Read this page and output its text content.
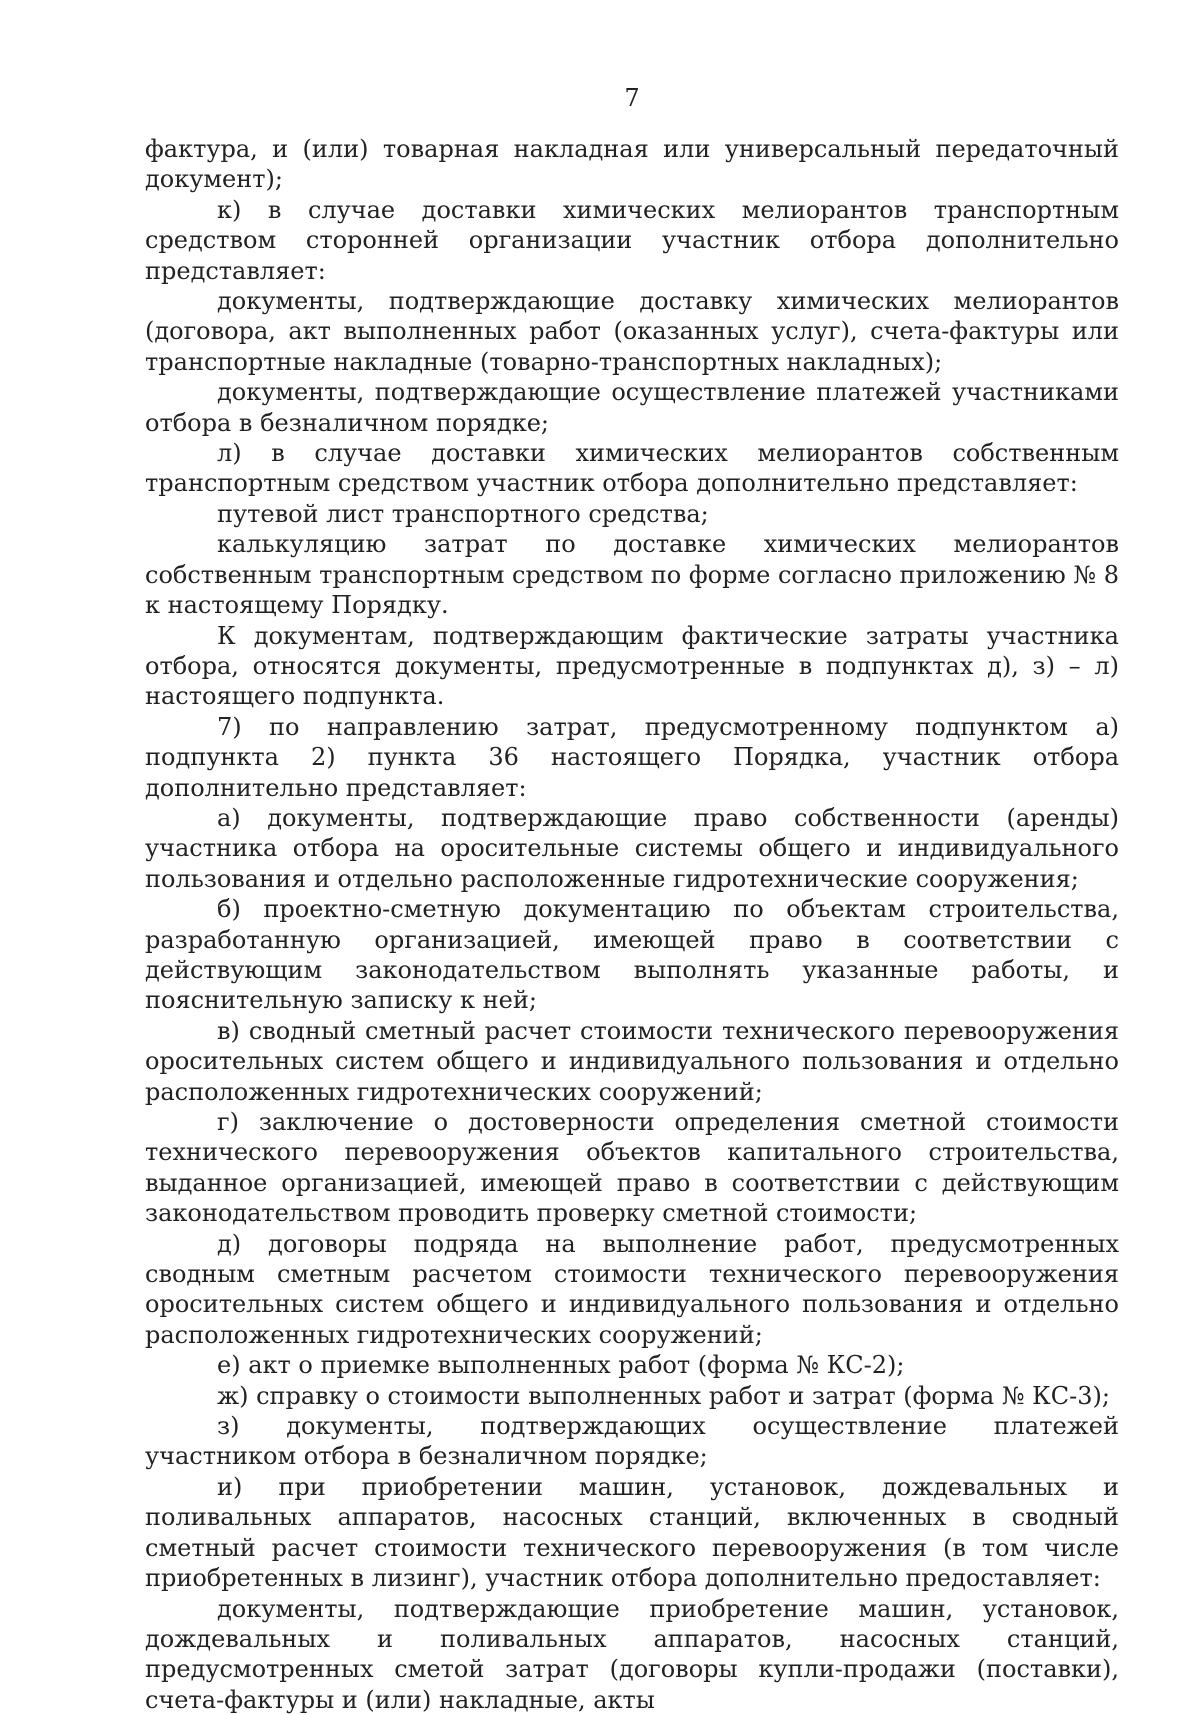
7

фактура, и (или) товарная накладная или универсальный передаточный документ);

к) в случае доставки химических мелиорантов транспортным средством сторонней организации участник отбора дополнительно представляет:

документы, подтверждающие доставку химических мелиорантов (договора, акт выполненных работ (оказанных услуг), счета-фактуры или транспортные накладные (товарно-транспортных накладных);

документы, подтверждающие осуществление платежей участниками отбора в безналичном порядке;

л) в случае доставки химических мелиорантов собственным транспортным средством участник отбора дополнительно представляет:

путевой лист транспортного средства;

калькуляцию затрат по доставке химических мелиорантов собственным транспортным средством по форме согласно приложению № 8 к настоящему Порядку.

К документам, подтверждающим фактические затраты участника отбора, относятся документы, предусмотренные в подпунктах д), з) – л) настоящего подпункта.

7) по направлению затрат, предусмотренному подпунктом а) подпункта 2) пункта 36 настоящего Порядка, участник отбора дополнительно представляет:

а) документы, подтверждающие право собственности (аренды) участника отбора на оросительные системы общего и индивидуального пользования и отдельно расположенные гидротехнические сооружения;

б) проектно-сметную документацию по объектам строительства, разработанную организацией, имеющей право в соответствии с действующим законодательством выполнять указанные работы, и пояснительную записку к ней;

в) сводный сметный расчет стоимости технического перевооружения оросительных систем общего и индивидуального пользования и отдельно расположенных гидротехнических сооружений;

г) заключение о достоверности определения сметной стоимости технического перевооружения объектов капитального строительства, выданное организацией, имеющей право в соответствии с действующим законодательством проводить проверку сметной стоимости;

д) договоры подряда на выполнение работ, предусмотренных сводным сметным расчетом стоимости технического перевооружения оросительных систем общего и индивидуального пользования и отдельно расположенных гидротехнических сооружений;

е) акт о приемке выполненных работ (форма № КС-2);

ж) справку о стоимости выполненных работ и затрат (форма № КС-3);

з) документы, подтверждающих осуществление платежей участником отбора в безналичном порядке;

и) при приобретении машин, установок, дождевальных и поливальных аппаратов, насосных станций, включенных в сводный сметный расчет стоимости технического перевооружения (в том числе приобретенных в лизинг), участник отбора дополнительно предоставляет:

документы, подтверждающие приобретение машин, установок, дождевальных и поливальных аппаратов, насосных станций, предусмотренных сметой затрат (договоры купли-продажи (поставки), счета-фактуры и (или) накладные, акты
